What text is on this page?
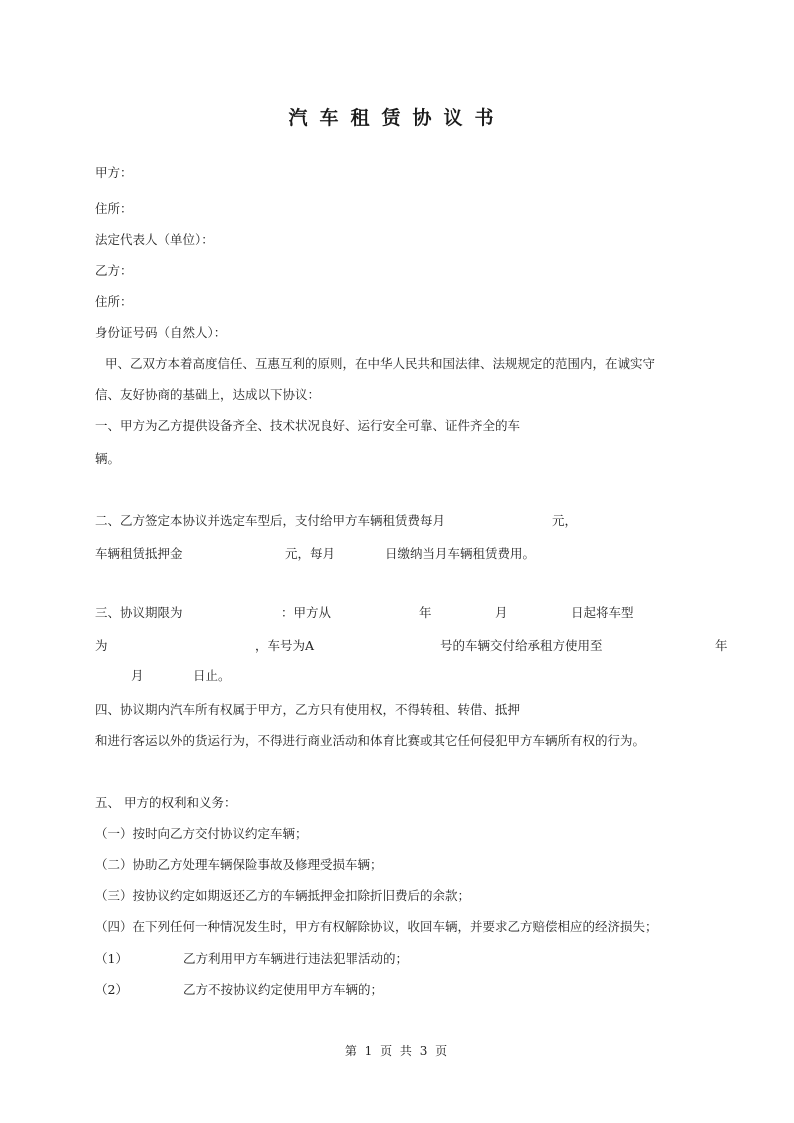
汽车租赁协议书
甲方：
住所：
法定代表人（单位）：
乙方：
住所：
身份证号码（自然人）：
甲、乙双方本着高度信任、互惠互利的原则，在中华人民共和国法律、法规规定的范围内，在诚实守
信、友好协商的基础上，达成以下协议：
一、甲方为乙方提供设备齐全、技术状况良好、运行安全可靠、证件齐全的车
辆。
二、乙方签定本协议并选定车型后，支付给甲方车辆租赁费每月	元，
车辆租赁抵押金	元，每月	日缴纳当月车辆租赁费用。
三、协议期限为	：甲方从	年	月	日起将车型
为	，车号为A	号的车辆交付给承租方使用至	年
月	日止。
四、协议期内汽车所有权属于甲方，乙方只有使用权，不得转租、转借、抵押
和进行客运以外的货运行为，不得进行商业活动和体育比赛或其它任何侵犯甲方车辆所有权的行为。
五、 甲方的权利和义务：
（一）按时向乙方交付协议约定车辆；
（二）协助乙方处理车辆保险事故及修理受损车辆；
（三）按协议约定如期返还乙方的车辆抵押金扣除折旧费后的余款；
（四）在下列任何一种情况发生时，甲方有权解除协议，收回车辆，并要求乙方赔偿相应的经济损失；
（1）	乙方利用甲方车辆进行违法犯罪活动的；
（2）	乙方不按协议约定使用甲方车辆的；
第 1 页 共 3 页
